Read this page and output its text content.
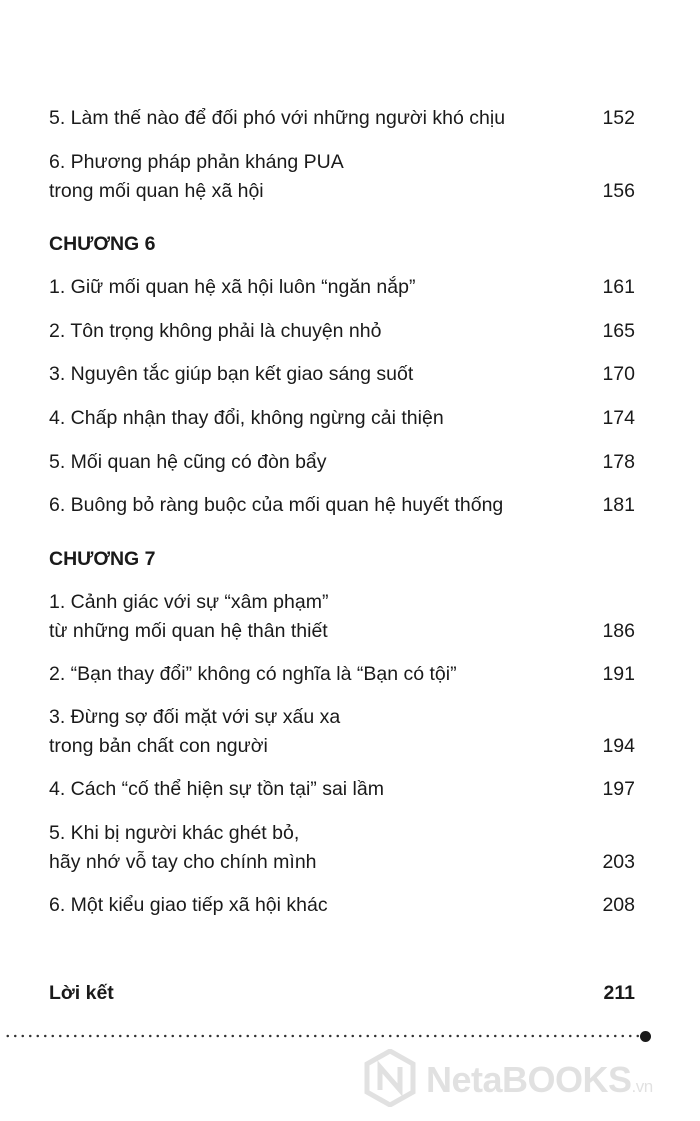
5. Làm thế nào để đối phó với những người khó chịu	152
6. Phương pháp phản kháng PUA
trong mối quan hệ xã hội	156
CHƯƠNG 6
1. Giữ mối quan hệ xã hội luôn “ngăn nắp”	161
2. Tôn trọng không phải là chuyện nhỏ	165
3. Nguyên tắc giúp bạn kết giao sáng suốt	170
4. Chấp nhận thay đổi, không ngừng cải thiện	174
5. Mối quan hệ cũng có đòn bẩy	178
6. Buông bỏ ràng buộc của mối quan hệ huyết thống	181
CHƯƠNG 7
1. Cảnh giác với sự “xâm phạm”
từ những mối quan hệ thân thiết	186
2. “Bạn thay đổi” không có nghĩa là “Bạn có tội”	191
3. Đừng sợ đối mặt với sự xấu xa
trong bản chất con người	194
4. Cách “cố thể hiện sự tồn tại” sai lầm	197
5. Khi bị người khác ghét bỏ,
hãy nhớ vỗ tay cho chính mình	203
6. Một kiểu giao tiếp xã hội khác	208
Lời kết	211
NetaBOOKS.vn
